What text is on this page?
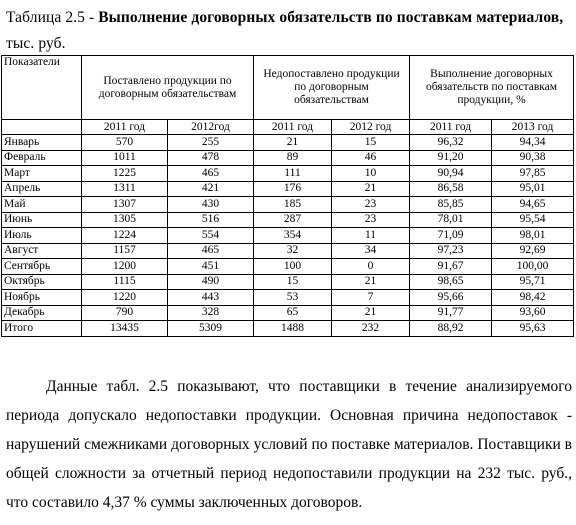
Таблица 2.5 - Выполнение договорных обязательств по поставкам материалов,
тыс. руб.
Показатели	Поставлено продукции по договорным обязательствам		Недопоставлено продукции по договорным обязательствам		Выполнение договорных обязательств по поставкам продукции, %	
	2011 год	2012год	2011 год	2012 год	2011 год	2013 год
Январь	570	255	21	15	96,32	94,34
Февраль	1011	478	89	46	91,20	90,38
Март	1225	465	111	10	90,94	97,85
Апрель	1311	421	176	21	86,58	95,01
Май	1307	430	185	23	85,85	94,65
Июнь	1305	516	287	23	78,01	95,54
Июль	1224	554	354	11	71,09	98,01
Август	1157	465	32	34	97,23	92,69
Сентябрь	1200	451	100	0	91,67	100,00
Октябрь	1115	490	15	21	98,65	95,71
Ноябрь	1220	443	53	7	95,66	98,42
Декабрь	790	328	65	21	91,77	93,60
Итого	13435	5309	1488	232	88,92	95,63
Данные табл. 2.5 показывают, что поставщики в течение анализируемого периода допускало недопоставки продукции. Основная причина недопоставок - нарушений смежниками договорных условий по поставке материалов. Поставщики в общей сложности за отчетный период недопоставили продукции на 232 тыс. руб., что составило 4,37 % суммы заключенных договоров.
